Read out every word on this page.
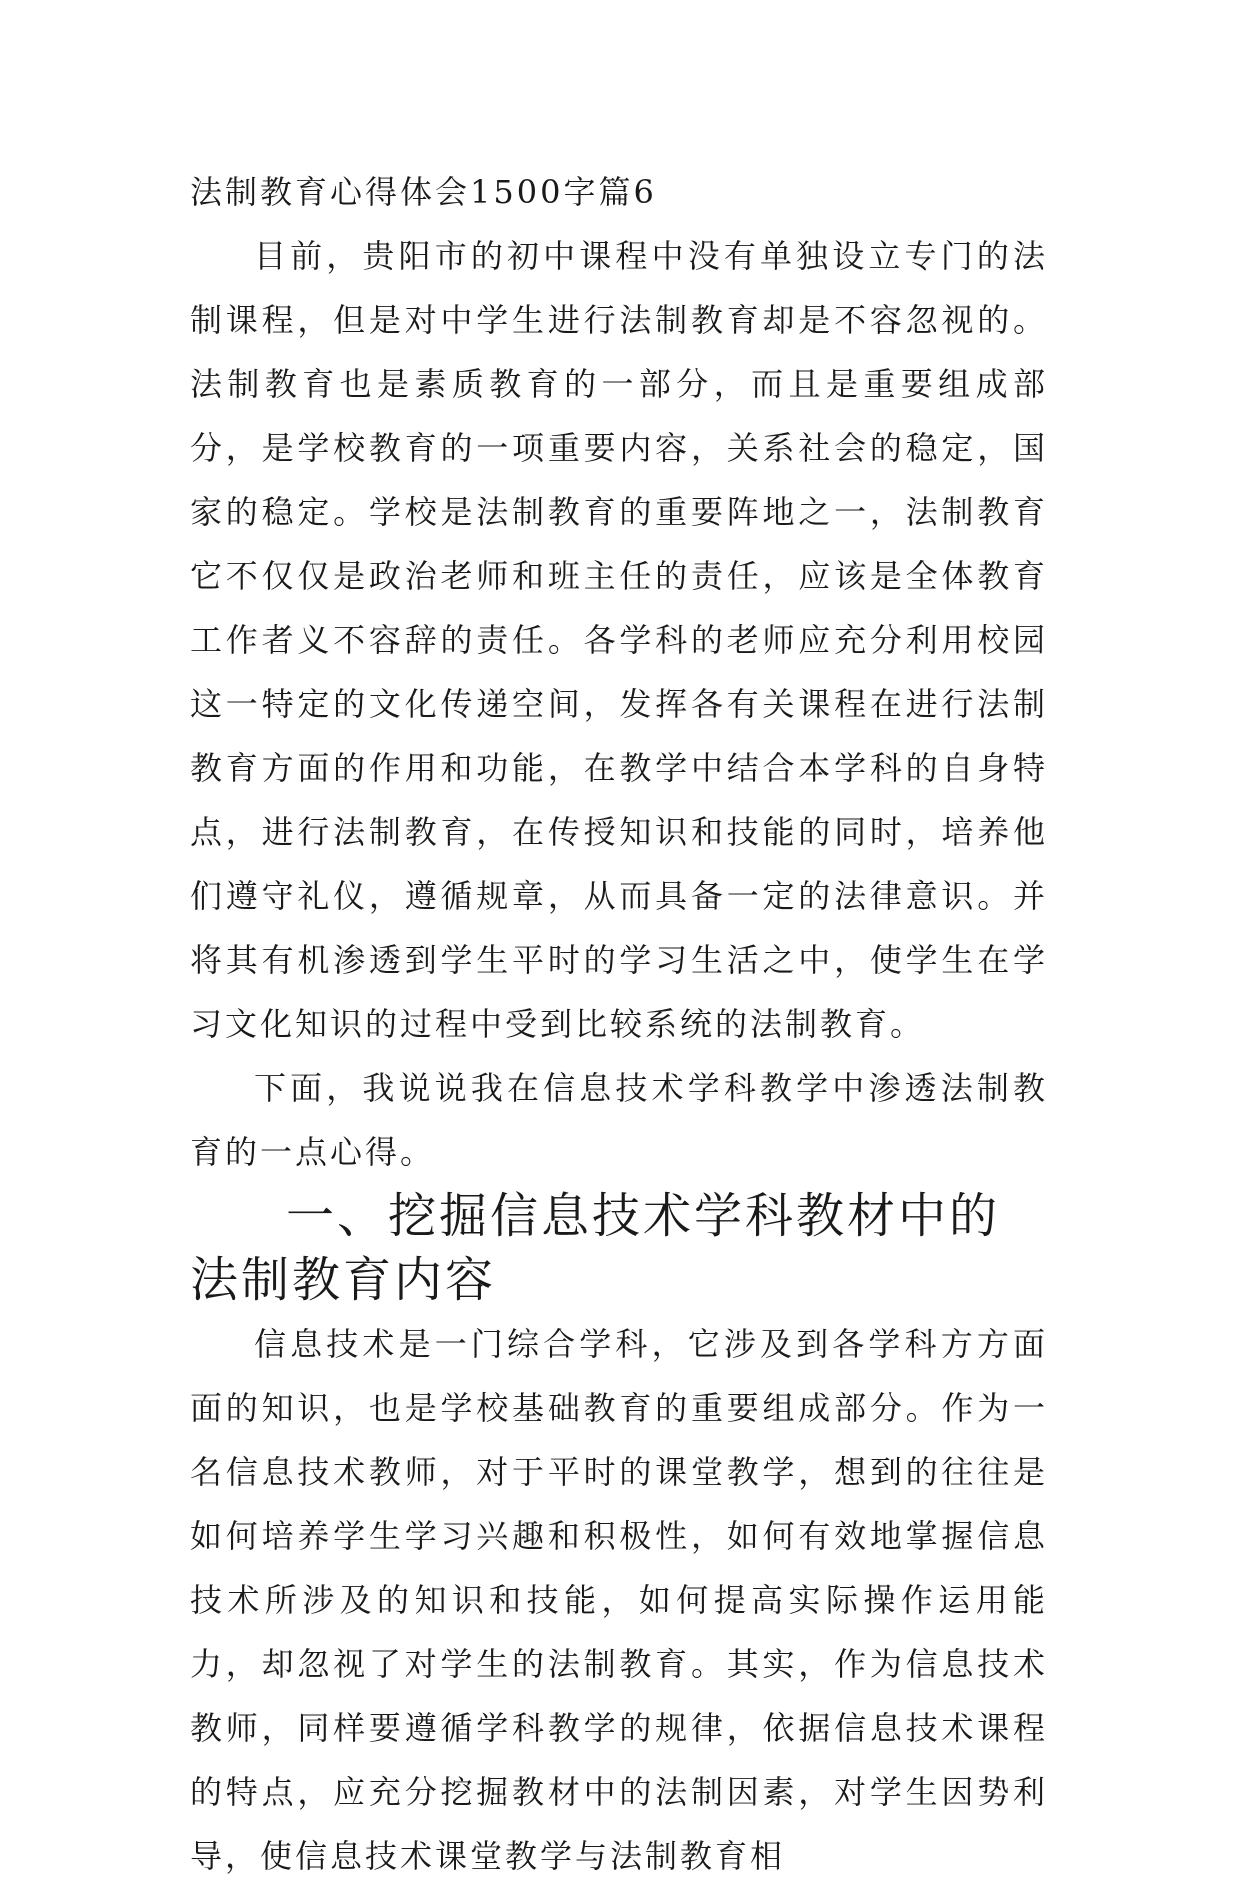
法制教育心得体会1500字篇6

目前，贵阳市的初中课程中没有单独设立专门的法制课程，但是对中学生进行法制教育却是不容忽视的。法制教育也是素质教育的一部分，而且是重要组成部分，是学校教育的一项重要内容，关系社会的稳定，国家的稳定。学校是法制教育的重要阵地之一，法制教育它不仅仅是政治老师和班主任的责任，应该是全体教育工作者义不容辞的责任。各学科的老师应充分利用校园这一特定的文化传递空间，发挥各有关课程在进行法制教育方面的作用和功能，在教学中结合本学科的自身特点，进行法制教育，在传授知识和技能的同时，培养他们遵守礼仪，遵循规章，从而具备一定的法律意识。并将其有机渗透到学生平时的学习生活之中，使学生在学习文化知识的过程中受到比较系统的法制教育。

下面，我说说我在信息技术学科教学中渗透法制教育的一点心得。

一、挖掘信息技术学科教材中的法制教育内容

信息技术是一门综合学科，它涉及到各学科方方面面的知识，也是学校基础教育的重要组成部分。作为一名信息技术教师，对于平时的课堂教学，想到的往往是如何培养学生学习兴趣和积极性，如何有效地掌握信息技术所涉及的知识和技能，如何提高实际操作运用能力，却忽视了对学生的法制教育。其实，作为信息技术教师，同样要遵循学科教学的规律，依据信息技术课程的特点，应充分挖掘教材中的法制因素，对学生因势利导，使信息技术课堂教学与法制教育相
